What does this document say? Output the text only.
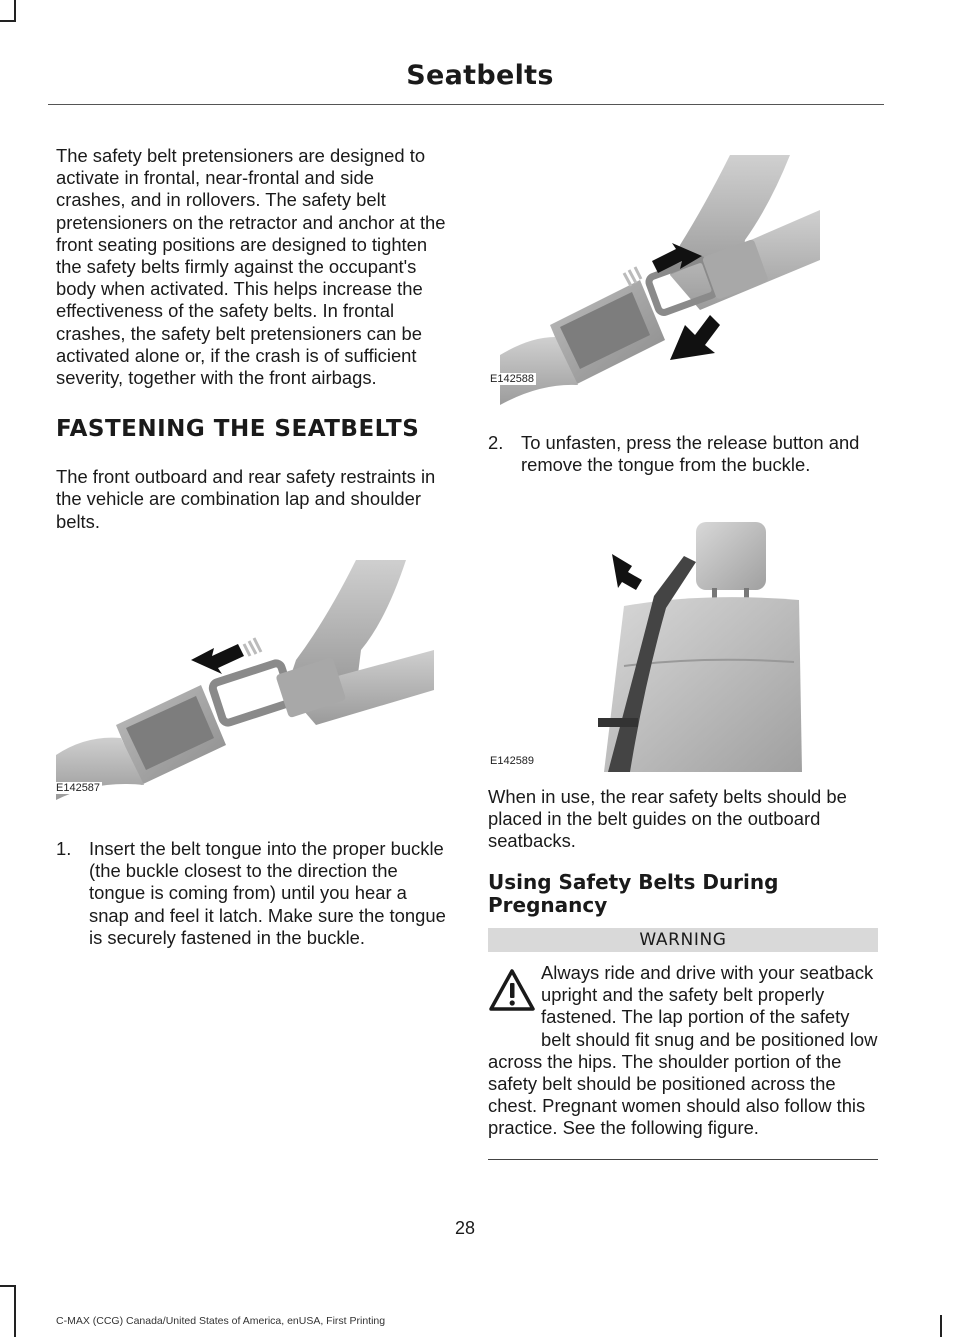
Seatbelts

The safety belt pretensioners are designed to activate in frontal, near-frontal and side crashes, and in rollovers. The safety belt pretensioners on the retractor and anchor at the front seating positions are designed to tighten the safety belts firmly against the occupant's body when activated. This helps increase the effectiveness of the safety belts. In frontal crashes, the safety belt pretensioners can be activated alone or, if the crash is of sufficient severity, together with the front airbags.

FASTENING THE SEATBELTS

The front outboard and rear safety restraints in the vehicle are combination lap and shoulder belts.

E142587
1. Insert the belt tongue into the proper buckle (the buckle closest to the direction the tongue is coming from) until you hear a snap and feel it latch. Make sure the tongue is securely fastened in the buckle.
E142588
2. To unfasten, press the release button and remove the tongue from the buckle.
E142589

When in use, the rear safety belts should be placed in the belt guides on the outboard seatbacks.

Using Safety Belts During Pregnancy
WARNING
Always ride and drive with your seatback upright and the safety belt properly fastened. The lap portion of the safety belt should fit snug and be positioned low across the hips. The shoulder portion of the safety belt should be positioned across the chest. Pregnant women should also follow this practice. See the following figure.
28
C-MAX (CCG) Canada/United States of America, enUSA, First Printing
